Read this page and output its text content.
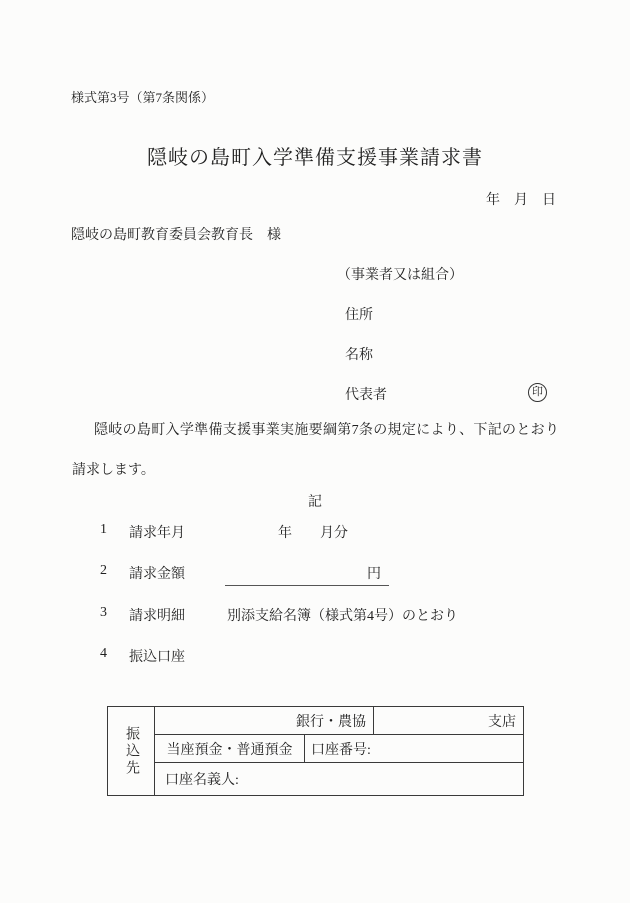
様式第3号（第7条関係）
隠岐の島町入学準備支援事業請求書
年　月　日
隠岐の島町教育委員会教育長　様
（事業者又は組合）
住所
名称
代表者	印
隠岐の島町入学準備支援事業実施要綱第7条の規定により、下記のとおり請求します。
記
1 請求年月	年　　月分
2 請求金額	円
3 請求明細	別添支給名簿（様式第4号）のとおり
4 振込口座
振込先
銀行・農協	支店
当座預金・普通預金	口座番号:
口座名義人:
